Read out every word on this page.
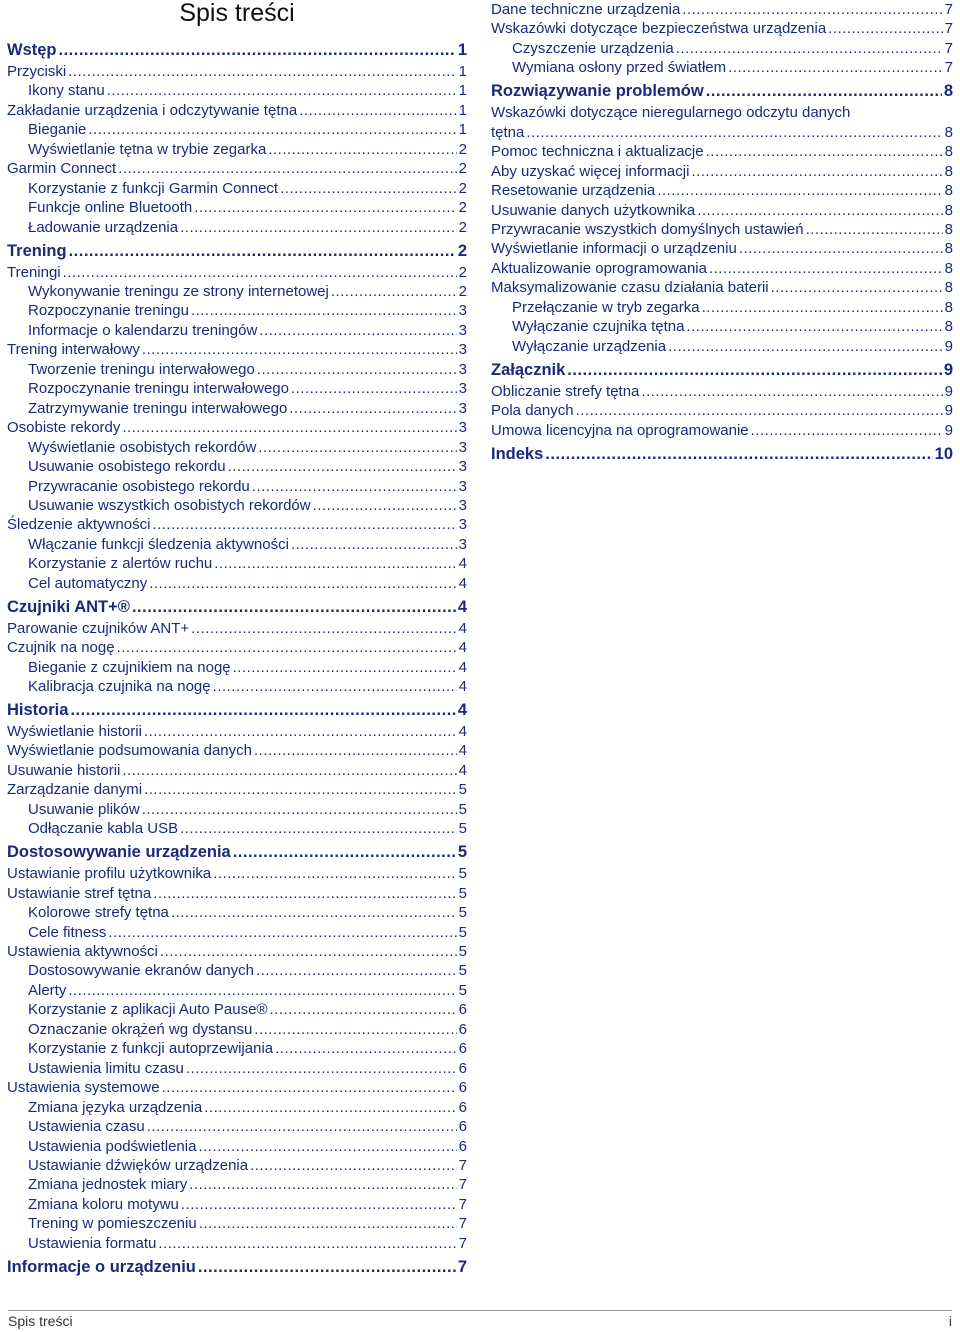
Spis treści
Wstęp .....	1
Przyciski .....	1
Ikony stanu .....	1
Zakładanie urządzenia i odczytywanie tętna .....	1
Bieganie .....	1
Wyświetlanie tętna w trybie zegarka .....	2
Garmin Connect .....	2
Korzystanie z funkcji Garmin Connect .....	2
Funkcje online Bluetooth .....	2
Ładowanie urządzenia .....	2
Trening .....	2
Treningi .....	2
Wykonywanie treningu ze strony internetowej .....	2
Rozpoczynanie treningu .....	3
Informacje o kalendarzu treningów .....	3
Trening interwałowy .....	3
Tworzenie treningu interwałowego .....	3
Rozpoczynanie treningu interwałowego .....	3
Zatrzymywanie treningu interwałowego .....	3
Osobiste rekordy .....	3
Wyświetlanie osobistych rekordów .....	3
Usuwanie osobistego rekordu .....	3
Przywracanie osobistego rekordu .....	3
Usuwanie wszystkich osobistych rekordów .....	3
Śledzenie aktywności .....	3
Włączanie funkcji śledzenia aktywności .....	3
Korzystanie z alertów ruchu .....	4
Cel automatyczny .....	4
Czujniki ANT+® .....	4
Parowanie czujników ANT+ .....	4
Czujnik na nogę .....	4
Bieganie z czujnikiem na nogę .....	4
Kalibracja czujnika na nogę .....	4
Historia .....	4
Wyświetlanie historii .....	4
Wyświetlanie podsumowania danych .....	4
Usuwanie historii .....	4
Zarządzanie danymi .....	5
Usuwanie plików .....	5
Odłączanie kabla USB .....	5
Dostosowywanie urządzenia .....	5
Ustawianie profilu użytkownika .....	5
Ustawianie stref tętna .....	5
Kolorowe strefy tętna .....	5
Cele fitness .....	5
Ustawienia aktywności .....	5
Dostosowywanie ekranów danych .....	5
Alerty .....	5
Korzystanie z aplikacji Auto Pause® .....	6
Oznaczanie okrążeń wg dystansu .....	6
Korzystanie z funkcji autoprzewijania .....	6
Ustawienia limitu czasu .....	6
Ustawienia systemowe .....	6
Zmiana języka urządzenia .....	6
Ustawienia czasu .....	6
Ustawienia podświetlenia .....	6
Ustawianie dźwięków urządzenia .....	7
Zmiana jednostek miary .....	7
Zmiana koloru motywu .....	7
Trening w pomieszczeniu .....	7
Ustawienia formatu .....	7
Informacje o urządzeniu .....	7
Dane techniczne urządzenia .....	7
Wskazówki dotyczące bezpieczeństwa urządzenia .....	7
Czyszczenie urządzenia .....	7
Wymiana osłony przed światłem .....	7
Rozwiązywanie problemów .....	8
Wskazówki dotyczące nieregularnego odczytu danych
tętna .....	8
Pomoc techniczna i aktualizacje .....	8
Aby uzyskać więcej informacji .....	8
Resetowanie urządzenia .....	8
Usuwanie danych użytkownika .....	8
Przywracanie wszystkich domyślnych ustawień .....	8
Wyświetlanie informacji o urządzeniu .....	8
Aktualizowanie oprogramowania .....	8
Maksymalizowanie czasu działania baterii .....	8
Przełączanie w tryb zegarka .....	8
Wyłączanie czujnika tętna .....	8
Wyłączanie urządzenia .....	9
Załącznik .....	9
Obliczanie strefy tętna .....	9
Pola danych .....	9
Umowa licencyjna na oprogramowanie .....	9
Indeks .....	10
Spis treści	i
